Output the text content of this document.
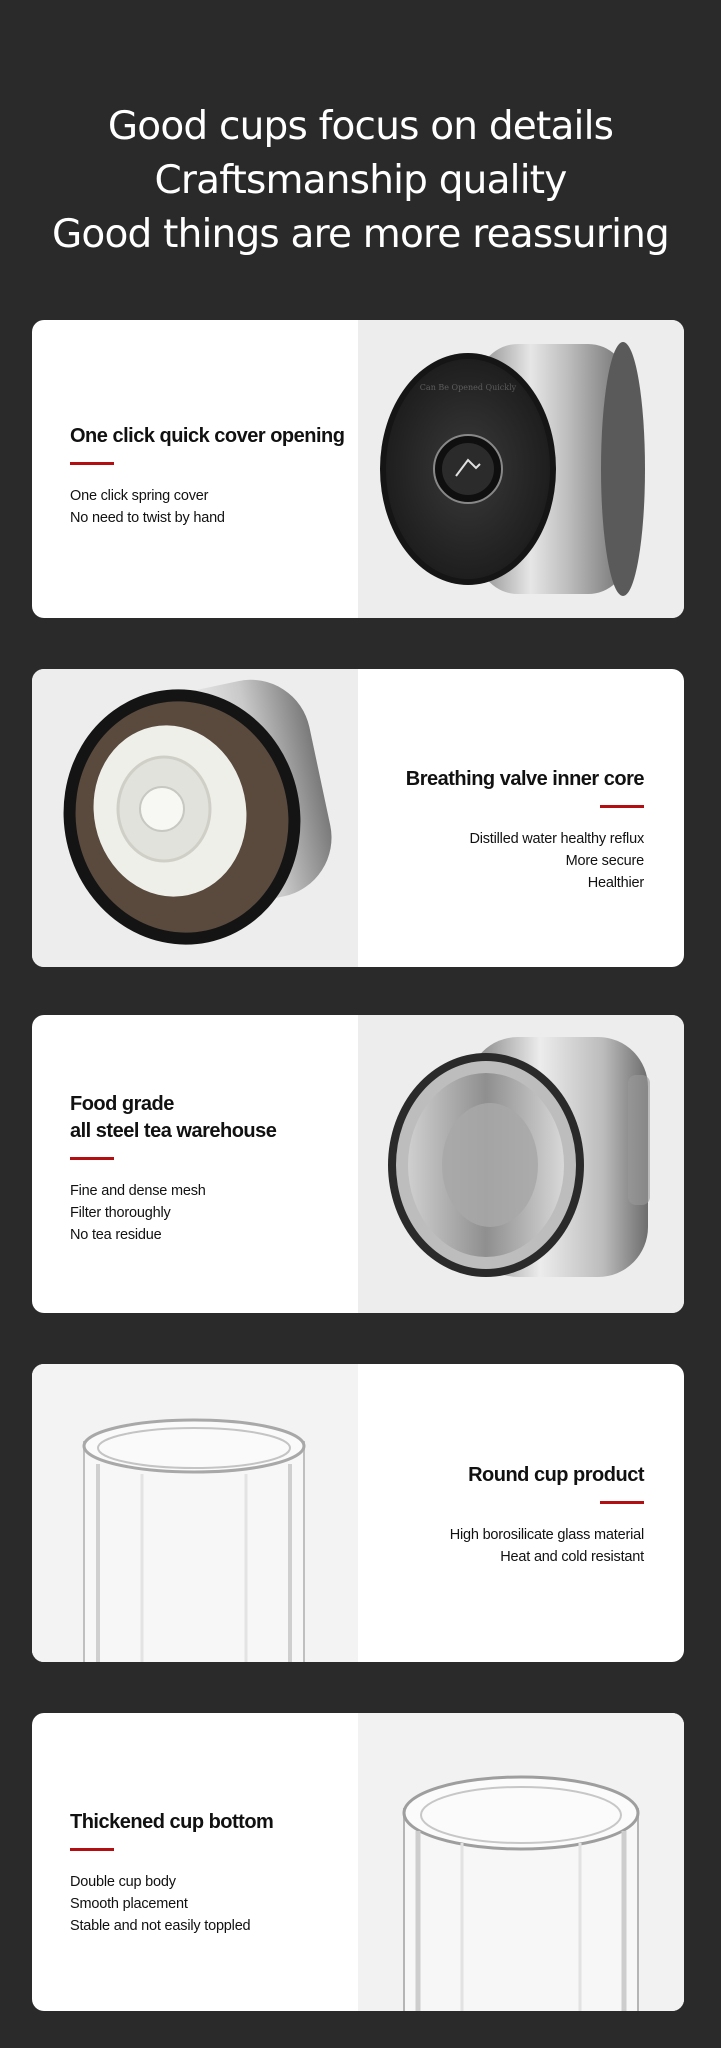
Good cups focus on details
Craftsmanship quality
Good things are more reassuring
One click quick cover opening
One click spring cover
No need to twist by hand
Can Be Opened Quickly
Breathing valve inner core
Distilled water healthy reflux
More secure
Healthier
Food grade
all steel tea warehouse
Fine and dense mesh
Filter thoroughly
No tea residue
Round cup product
High borosilicate glass material
Heat and cold resistant
Thickened cup bottom
Double cup body
Smooth placement
Stable and not easily toppled
